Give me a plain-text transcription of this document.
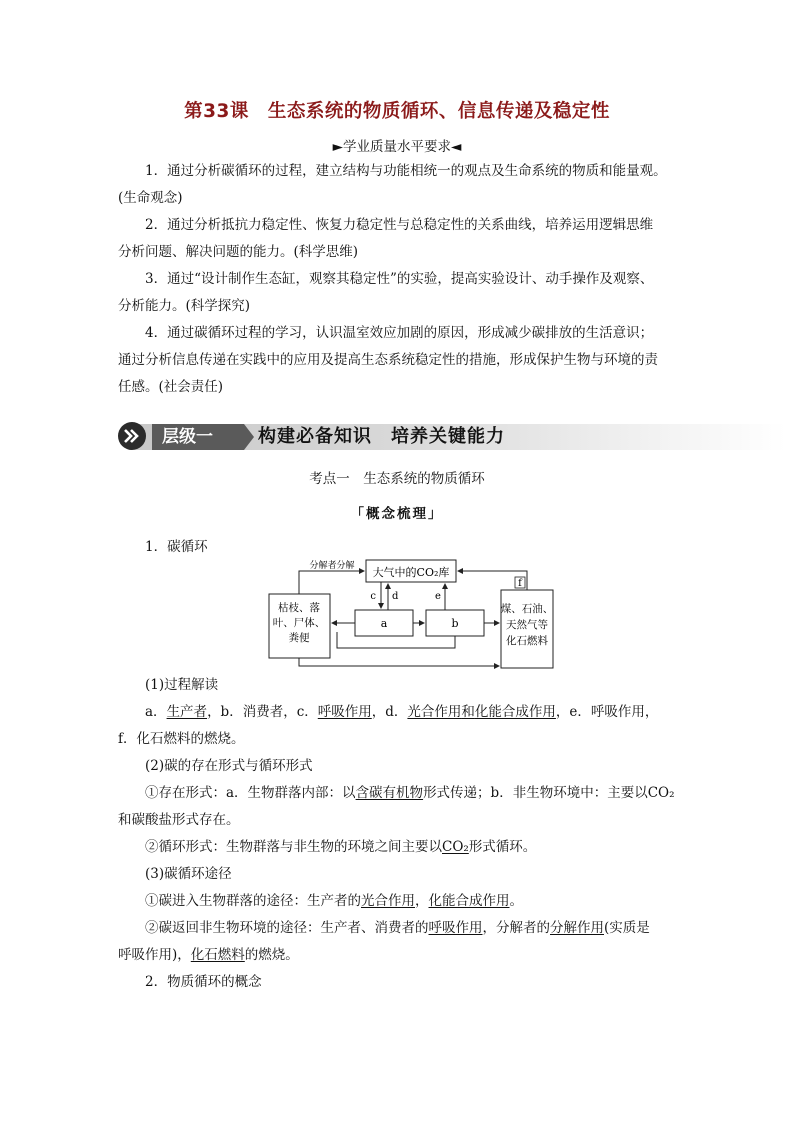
第33课　生态系统的物质循环、信息传递及稳定性
►学业质量水平要求◄
1．通过分析碳循环的过程，建立结构与功能相统一的观点及生命系统的物质和能量观。
(生命观念)
2．通过分析抵抗力稳定性、恢复力稳定性与总稳定性的关系曲线，培养运用逻辑思维
分析问题、解决问题的能力。(科学思维)
3．通过“设计制作生态缸，观察其稳定性”的实验，提高实验设计、动手操作及观察、
分析能力。(科学探究)
4．通过碳循环过程的学习，认识温室效应加剧的原因，形成减少碳排放的生活意识；
通过分析信息传递在实践中的应用及提高生态系统稳定性的措施，形成保护生物与环境的责
任感。(社会责任)
层级一	构建必备知识　培养关键能力
考点一　生态系统的物质循环
「概念梳理」
1．碳循环
大气中的CO₂库
枯枝、落
叶、尸体、
粪便
a	b
煤、石油、
天然气等
化石燃料
分解者分解
c d	e
f
(1)过程解读
a．生产者，b．消费者，c．呼吸作用，d．光合作用和化能合成作用，e．呼吸作用，
f．化石燃料的燃烧。
(2)碳的存在形式与循环形式
①存在形式：a．生物群落内部：以含碳有机物形式传递；b．非生物环境中：主要以CO₂
和碳酸盐形式存在。
②循环形式：生物群落与非生物的环境之间主要以CO₂形式循环。
(3)碳循环途径
①碳进入生物群落的途径：生产者的光合作用，化能合成作用。
②碳返回非生物环境的途径：生产者、消费者的呼吸作用，分解者的分解作用(实质是
呼吸作用)，化石燃料的燃烧。
2．物质循环的概念
